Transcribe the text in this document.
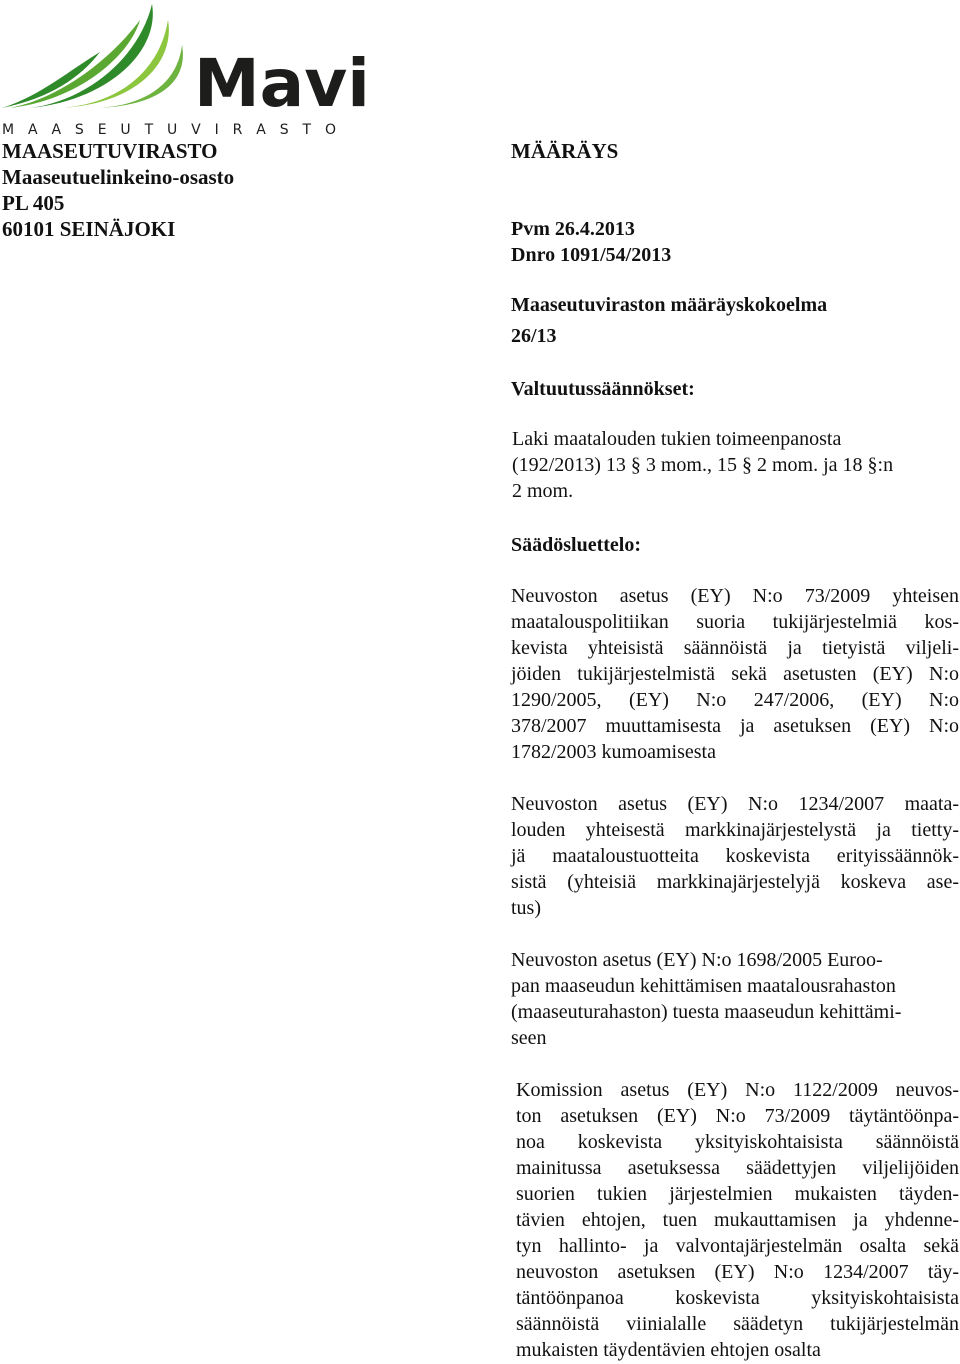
Mavi
M A A S E U T U V I R A S T O
MAASEUTUVIRASTO
Maaseutuelinkeino-osasto
PL 405
60101 SEINÄJOKI
MÄÄRÄYS
Pvm 26.4.2013
Dnro 1091/54/2013
Maaseutuviraston määräyskokoelma
26/13
Valtuutussäännökset:
Laki maatalouden tukien toimeenpanosta
(192/2013) 13 § 3 mom., 15 § 2 mom. ja 18 §:n
2 mom.
Säädösluettelo:
Neuvoston asetus (EY) N:o 73/2009 yhteisen
maatalouspolitiikan suoria tukijärjestelmiä kos-
kevista yhteisistä säännöistä ja tietyistä viljeli-
jöiden tukijärjestelmistä sekä asetusten (EY) N:o
1290/2005, (EY) N:o 247/2006, (EY) N:o
378/2007 muuttamisesta ja asetuksen (EY) N:o
1782/2003 kumoamisesta
Neuvoston asetus (EY) N:o 1234/2007 maata-
louden yhteisestä markkinajärjestelystä ja tietty-
jä maataloustuotteita koskevista erityissäännök-
sistä (yhteisiä markkinajärjestelyjä koskeva ase-
tus)
Neuvoston asetus (EY) N:o 1698/2005 Euroo-
pan maaseudun kehittämisen maatalousrahaston
(maaseuturahaston) tuesta maaseudun kehittämi-
seen
Komission asetus (EY) N:o 1122/2009 neuvos-
ton asetuksen (EY) N:o 73/2009 täytäntöönpa-
noa koskevista yksityiskohtaisista säännöistä
mainitussa asetuksessa säädettyjen viljelijöiden
suorien tukien järjestelmien mukaisten täyden-
tävien ehtojen, tuen mukauttamisen ja yhdenne-
tyn hallinto- ja valvontajärjestelmän osalta sekä
neuvoston asetuksen (EY) N:o 1234/2007 täy-
täntöönpanoa koskevista yksityiskohtaisista
säännöistä viinialalle säädetyn tukijärjestelmän
mukaisten täydentävien ehtojen osalta
